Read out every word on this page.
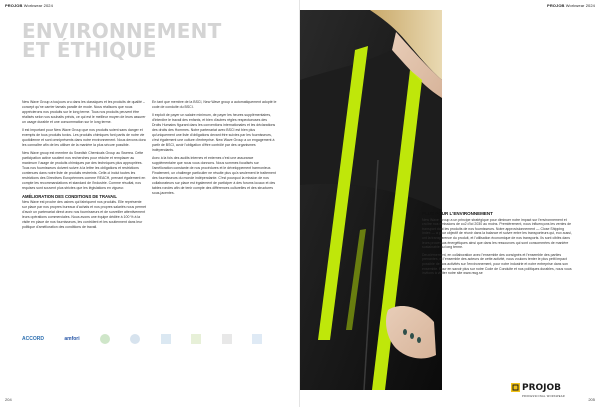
PROJOB Workwear 2024
ENVIRONNEMENT
ET ÉTHIQUE

New Wave Group a toujours cru dans les classiques et les produits de qualité – concept qu'ne carrier tamais paralle de mode. Nous réalisons que nous apprécierons nos produits sur le long terme. Tous nos produits peuvent être réalisés selon vos souhaits précis, ce qui est le meilleur moyen de leurs assurer un usage durable et une consommation sur le long terme.

Il est important pour New Wave Group que nos produits soient sans danger et exempts de tous produits toxics. Les produits chimiques font partis de notre vie quotidienne et sont omniprésents dans notre environnement. Nous devons donc les connaître afin de les utiliser de la manière la plus sécure possible.

New Wave group est membre du Swedish Chemicals Group au Swerea. Cette participation active soutient nos recherches pour réduire et remplacer au maximum l'usage de produits chimiques par des techniques plus appropriées. Tous nos fournisseurs doivent suivre à la lettre les obligations et restrictions contenues dans notre liste de produits restreints. Celle-ci inclut toutes les restrictions des Directives Européennes comme REACH, prenant également en compte les recommandations et standard de l'industrie. Comme résultat, nos requises sont souvent plus strictes que les législations en vigueur.

AMÉLIORATION DES CONDITIONS DE TRAVAIL

New Wave est proche des usines qui fabriquent nos produits. Elle représente sur place par nos propres bureaux d'achats et nos propres salariés nous permet d'avoir un partenariat direct avec nos fournisseurs et de surveiller attentivement leurs opérations commerciales. Nous avons une équipe dédiée à 100 % à la visite en place de nos fournisseurs, les contrôlent et les soutiennent dans leur politique d'amélioration des conditions de travail.

En tant que membre de la BSCI, New Wave group a automatiquement adopté le code de conduite du BSCI.

Il exploit de payer un salaire minimum, de payer les heures supplémentaires, d'interdire le travail des enfants, et bien d'autres règles respectueuses des Droits Humains figurant dans les conventions internationales et les déclarations des droits des Hommes. Notre partenariat avec BSCI est bien plus qu'uniquement une liste d'obligations devant être suivies par les fournisseurs, c'est également une culture d'entreprise. New Wave Group a un engagement à partir de BSCI, avoir l'obligation d'être contrôlé par des organismes indépendants.

Avec à la fois des audits internes et externes c'est une assurance supplémentaire que nous vous donnons. Nous sommes focalisés sur l'amélioration constante de nos procédures et le développement harmonieux. Finalement, un challenge particulier ne résulte plus qu'a seulement le traitement des fournisseurs du monde indépendante. C'est pourquoi la mission de nos collaborateurs sur place est également de participer à des forums locaux et des tables rondes afin de tenir compte des différences culturelles et des structures sous-jacentes.

ACCORD	amfori
204
PROJOB Workwear 2024
PLUS POUR L'ENVIRONNEMENT

New Wave Group a un principe stratégique pour diminuer notre impact sur l'environnement et croître nos émissions de co2 d'ici 2030 au moins. Premièrement, nous influençons les ventes de transport dont les produits de nos fournisseurs. Notre approvisionnement — Close Shipping Index — a pour objectif de réunir dans la balance et suivre entre les transporteurs qui, eux aussi, ont la transparence du produit, et l'utilisation économique de nos transports. Ils sont ciblés dans leurs processus énergétiques ainsi que dans les ressources qui sont consommées de manière sustainable au long terme.

Deuxièmement, en collaboration avec l'ensemble des consignés et l'ensemble des parties prenantes, et l'ensemble des acteurs de cette activité, nous voulons tenter le plus petit impact possible de nos activités sur l'environnement, pour notre industrie et notre entreprise dans son ensemble. Pour en savoir plus sur notre Code de Conduite et nos politiques durables, nous vous invitons à visiter notre site www.nwg.se

PROJOB
PROFESSIONAL WORKWEAR
205
